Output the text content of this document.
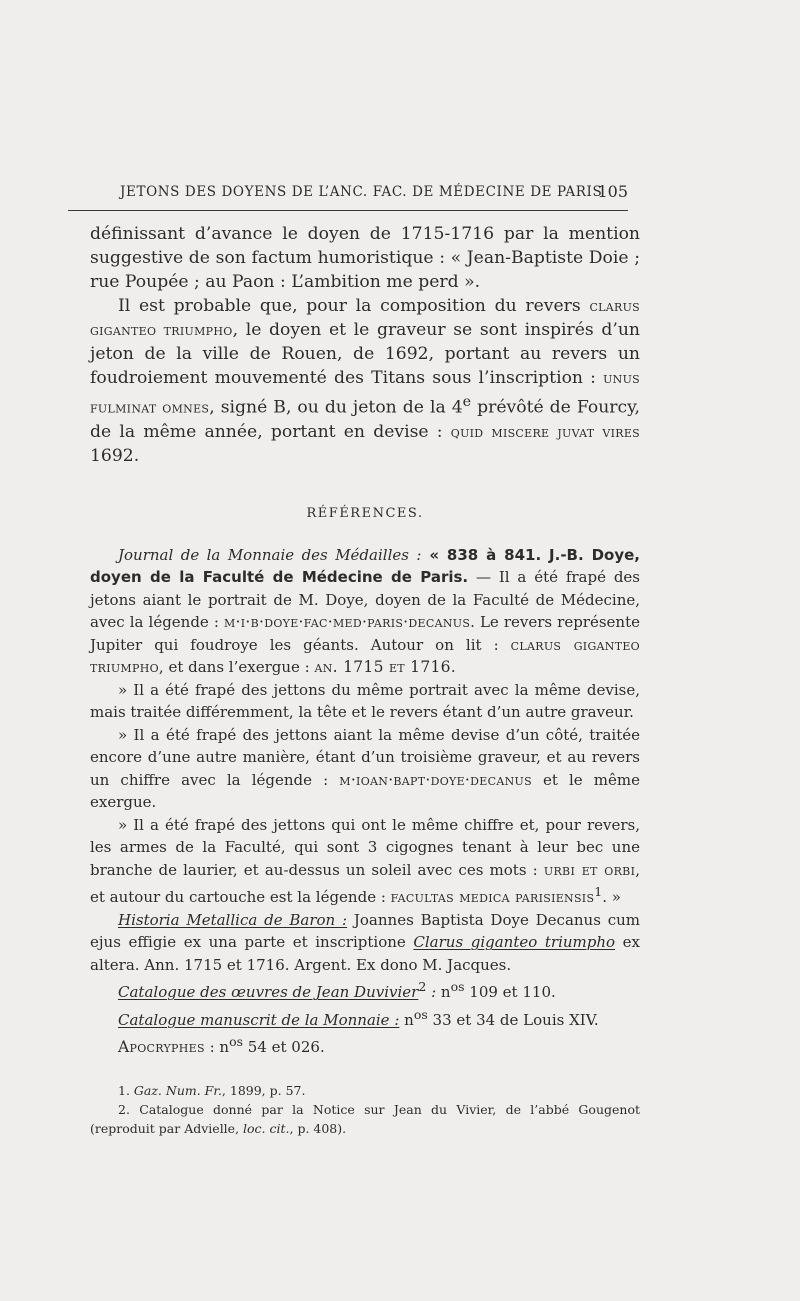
JETONS DES DOYENS DE L’ANC. FAC. DE MÉDECINE DE PARIS
105

définissant d’avance le doyen de 1715-1716 par la mention suggestive de son factum humoristique : « Jean-Baptiste Doie ; rue Poupée ; au Paon : L’ambition me perd ».

Il est probable que, pour la composition du revers clarus giganteo triumpho, le doyen et le graveur se sont inspirés d’un jeton de la ville de Rouen, de 1692, portant au revers un foudroiement mouvementé des Titans sous l’inscription : unus fulminat omnes, signé B, ou du jeton de la 4e prévôté de Fourcy, de la même année, portant en devise : quid miscere juvat vires 1692.

RÉFÉRENCES.

Journal de la Monnaie des Médailles : « 838 à 841. J.-B. Doye, doyen de la Faculté de Médecine de Paris. — Il a été frapé des jetons aiant le portrait de M. Doye, doyen de la Faculté de Médecine, avec la légende : m·i·b·doye·fac·med·paris·decanus. Le revers représente Jupiter qui foudroye les géants. Autour on lit : clarus giganteo triumpho, et dans l’exergue : an. 1715 et 1716.

» Il a été frapé des jettons du même portrait avec la même devise, mais traitée différemment, la tête et le revers étant d’un autre graveur.

» Il a été frapé des jettons aiant la même devise d’un côté, traitée encore d’une autre manière, étant d’un troisième graveur, et au revers un chiffre avec la légende : m·ioan·bapt·doye·decanus et le même exergue.

» Il a été frapé des jettons qui ont le même chiffre et, pour revers, les armes de la Faculté, qui sont 3 cigognes tenant à leur bec une branche de laurier, et au-dessus un soleil avec ces mots : urbi et orbi, et autour du cartouche est la légende : facultas medica parisiensis$^1$. »

Historia Metallica de Baron : Joannes Baptista Doye Decanus cum ejus effigie ex una parte et inscriptione Clarus giganteo triumpho ex altera. Ann. 1715 et 1716. Argent. Ex dono M. Jacques.

Catalogue des œuvres de Jean Duvivier$^2$ : $n^{os}$ 109 et 110.

Catalogue manuscrit de la Monnaie : $n^{os}$ 33 et 34 de Louis XIV.

Apocryphes : $n^{os}$ 54 et 026.

1. Gaz. Num. Fr., 1899, p. 57.

2. Catalogue donné par la Notice sur Jean du Vivier, de l’abbé Gougenot (reproduit par Advielle, loc. cit., p. 408).
